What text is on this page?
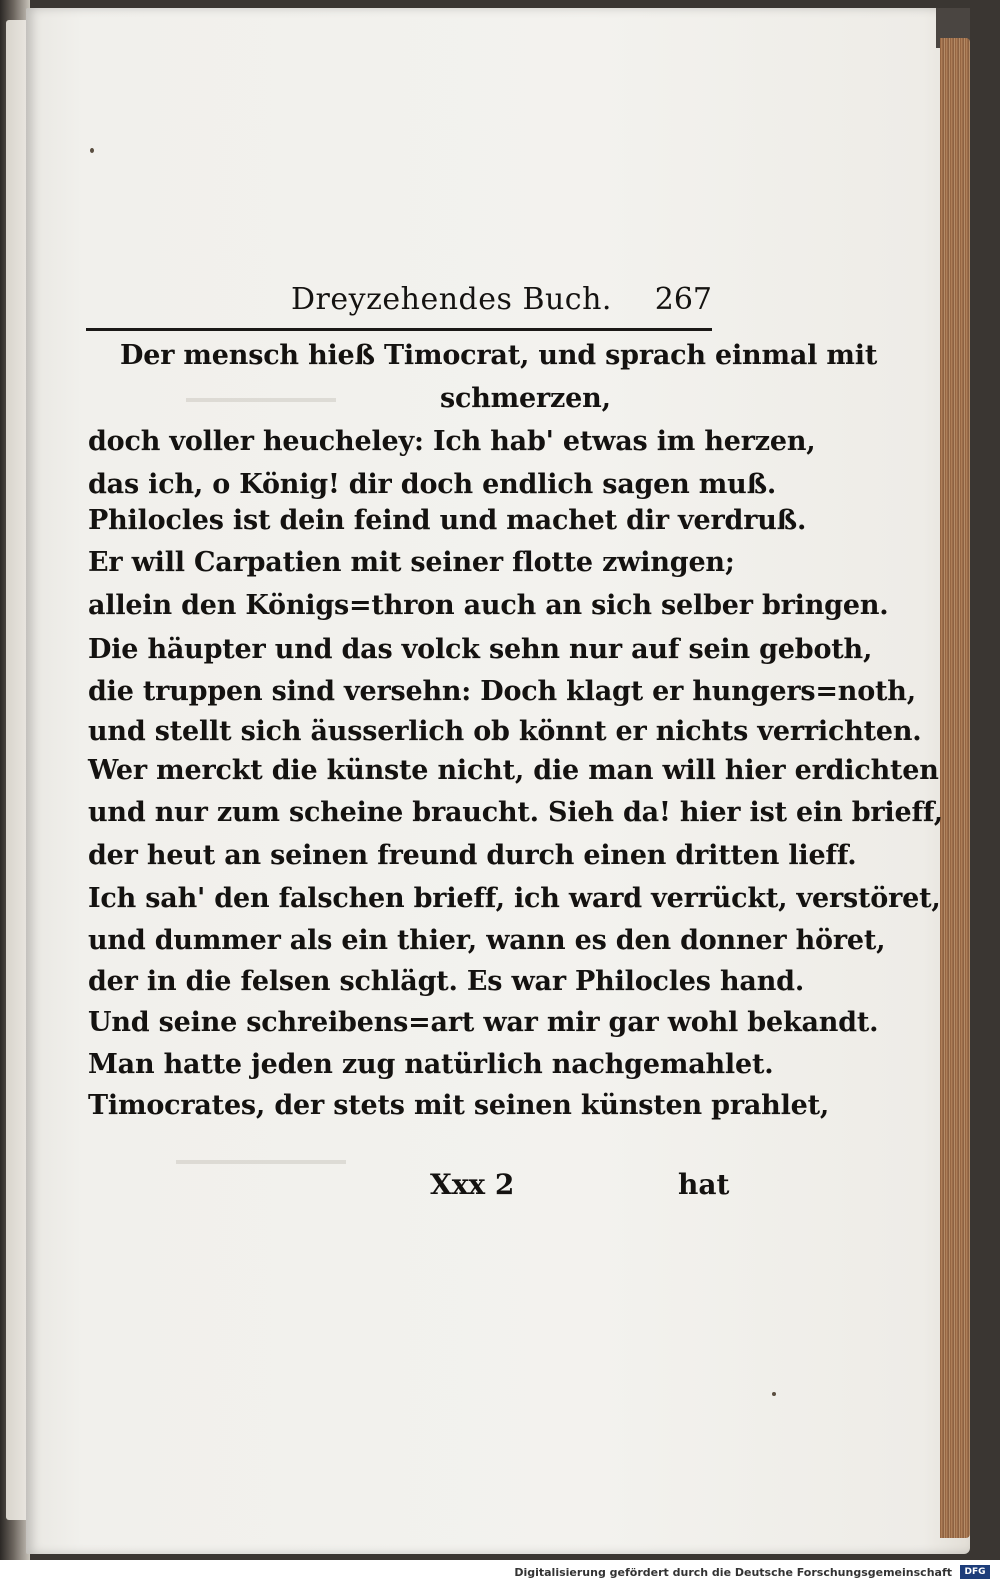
Dreyzehendes Buch. 267
Der mensch hieß Timocrat, und sprach einmal mit
schmerzen,
doch voller heucheley: Ich hab' etwas im herzen,
das ich, o König! dir doch endlich sagen muß.
Philocles ist dein feind und machet dir verdruß.
Er will Carpatien mit seiner flotte zwingen;
allein den Königs=thron auch an sich selber bringen.
Die häupter und das volck sehn nur auf sein geboth,
die truppen sind versehn: Doch klagt er hungers=noth,
und stellt sich äusserlich ob könnt er nichts verrichten.
Wer merckt die künste nicht, die man will hier erdichten
und nur zum scheine braucht. Sieh da! hier ist ein brieff,
der heut an seinen freund durch einen dritten lieff.
Ich sah' den falschen brieff, ich ward verrückt, verstöret,
und dummer als ein thier, wann es den donner höret,
der in die felsen schlägt. Es war Philocles hand.
Und seine schreibens=art war mir gar wohl bekandt.
Man hatte jeden zug natürlich nachgemahlet.
Timocrates, der stets mit seinen künsten prahlet,
Xxx 2	hat
Digitalisierung gefördert durch die Deutsche Forschungsgemeinschaft	DFG
